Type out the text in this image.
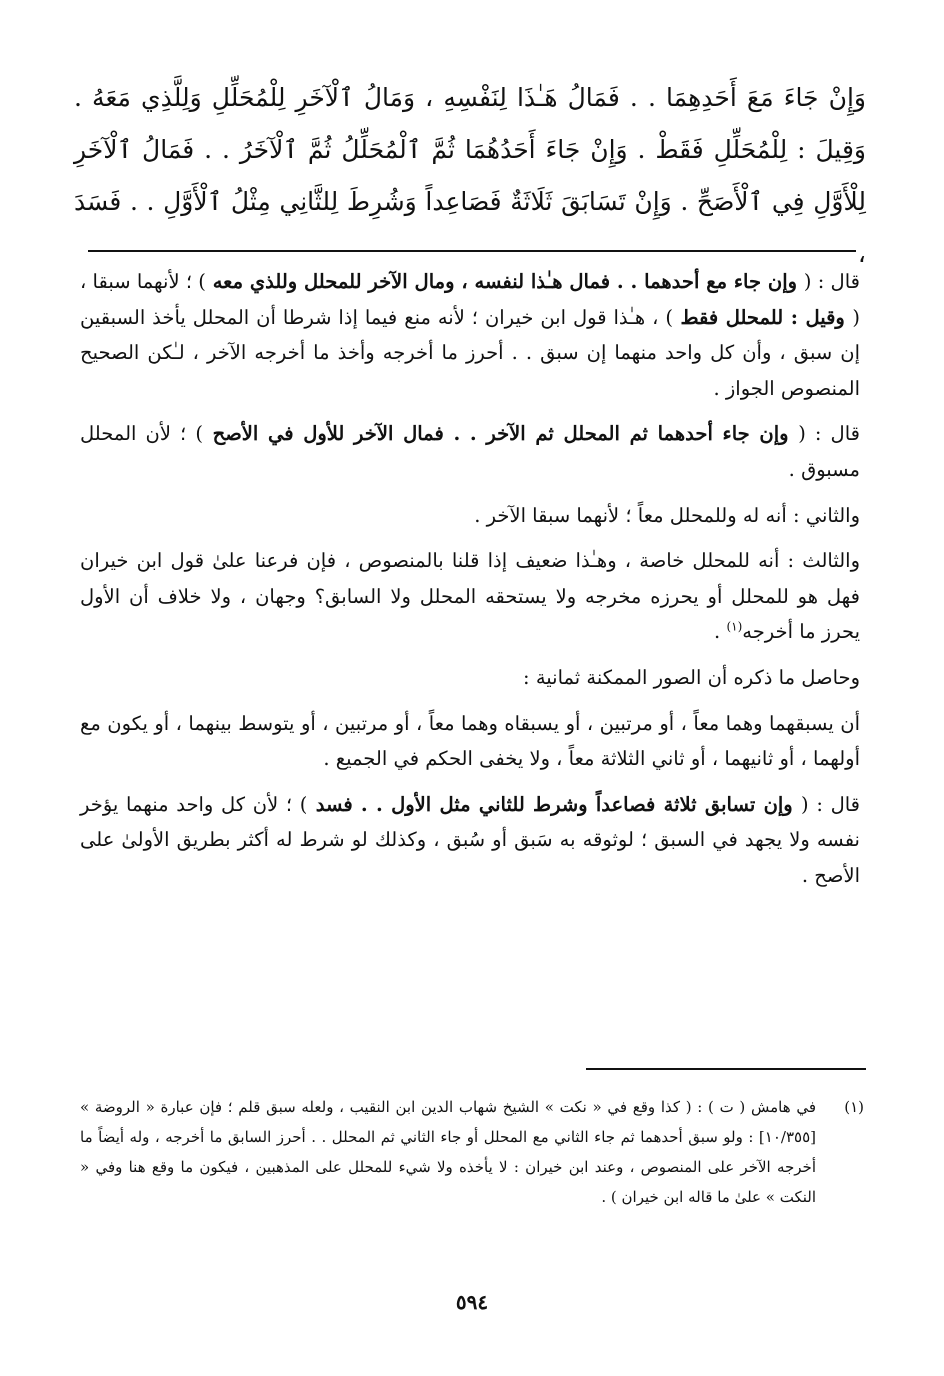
وَإِنْ جَاءَ مَعَ أَحَدِهِمَا . . فَمَالُ هَـٰذَا لِنَفْسِهِ ، وَمَالُ ٱلْآخَرِ لِلْمُحَلِّلِ وَلِلَّذِي مَعَهُ . وَقِيلَ : لِلْمُحَلِّلِ فَقَطْ . وَإِنْ جَاءَ أَحَدُهُمَا ثُمَّ ٱلْمُحَلِّلُ ثُمَّ ٱلْآخَرُ . . فَمَالُ ٱلْآخَرِ لِلْأَوَّلِ فِي ٱلْأَصَحِّ . وَإِنْ تَسَابَقَ ثَلَاثَةٌ فَصَاعِداً وَشُرِطَ لِلثَّانِي مِثْلُ ٱلْأَوَّلِ . . فَسَدَ ،

قال : ( وإن جاء مع أحدهما . . فمال هـٰذا لنفسه ، ومال الآخر للمحلل وللذي معه ) ؛ لأنهما سبقا ، ( وقيل : للمحلل فقط ) ، هـٰذا قول ابن خيران ؛ لأنه منع فيما إذا شرطا أن المحلل يأخذ السبقين إن سبق ، وأن كل واحد منهما إن سبق . . أحرز ما أخرجه وأخذ ما أخرجه الآخر ، لـٰكن الصحيح المنصوص الجواز .

قال : ( وإن جاء أحدهما ثم المحلل ثم الآخر . . فمال الآخر للأول في الأصح ) ؛ لأن المحلل مسبوق .

والثاني : أنه له وللمحلل معاً ؛ لأنهما سبقا الآخر .

والثالث : أنه للمحلل خاصة ، وهـٰذا ضعيف إذا قلنا بالمنصوص ، فإن فرعنا علىٰ قول ابن خيران فهل هو للمحلل أو يحرزه مخرجه ولا يستحقه المحلل ولا السابق؟ وجهان ، ولا خلاف أن الأول يحرز ما أخرجه$^{(١)}$ .

وحاصل ما ذكره أن الصور الممكنة ثمانية :

أن يسبقهما وهما معاً ، أو مرتبين ، أو يسبقاه وهما معاً ، أو مرتبين ، أو يتوسط بينهما ، أو يكون مع أولهما ، أو ثانيهما ، أو ثاني الثلاثة معاً ، ولا يخفى الحكم في الجميع .

قال : ( وإن تسابق ثلاثة فصاعداً وشرط للثاني مثل الأول . . فسد ) ؛ لأن كل واحد منهما يؤخر نفسه ولا يجهد في السبق ؛ لوثوقه به سَبق أو سُبق ، وكذلك لو شرط له أكثر بطريق الأولىٰ على الأصح .

(١)
في هامش ( ت ) : ( كذا وقع في « نكت » الشيخ شهاب الدين ابن النقيب ، ولعله سبق قلم ؛ فإن عبارة « الروضة » [١٠/٣٥٥] : ولو سبق أحدهما ثم جاء الثاني مع المحلل أو جاء الثاني ثم المحلل . . أحرز السابق ما أخرجه ، وله أيضاً ما أخرجه الآخر على المنصوص ، وعند ابن خيران : لا يأخذه ولا شيء للمحلل على المذهبين ، فيكون ما وقع هنا وفي « النكت » علىٰ ما قاله ابن خيران ) .
٥٩٤
